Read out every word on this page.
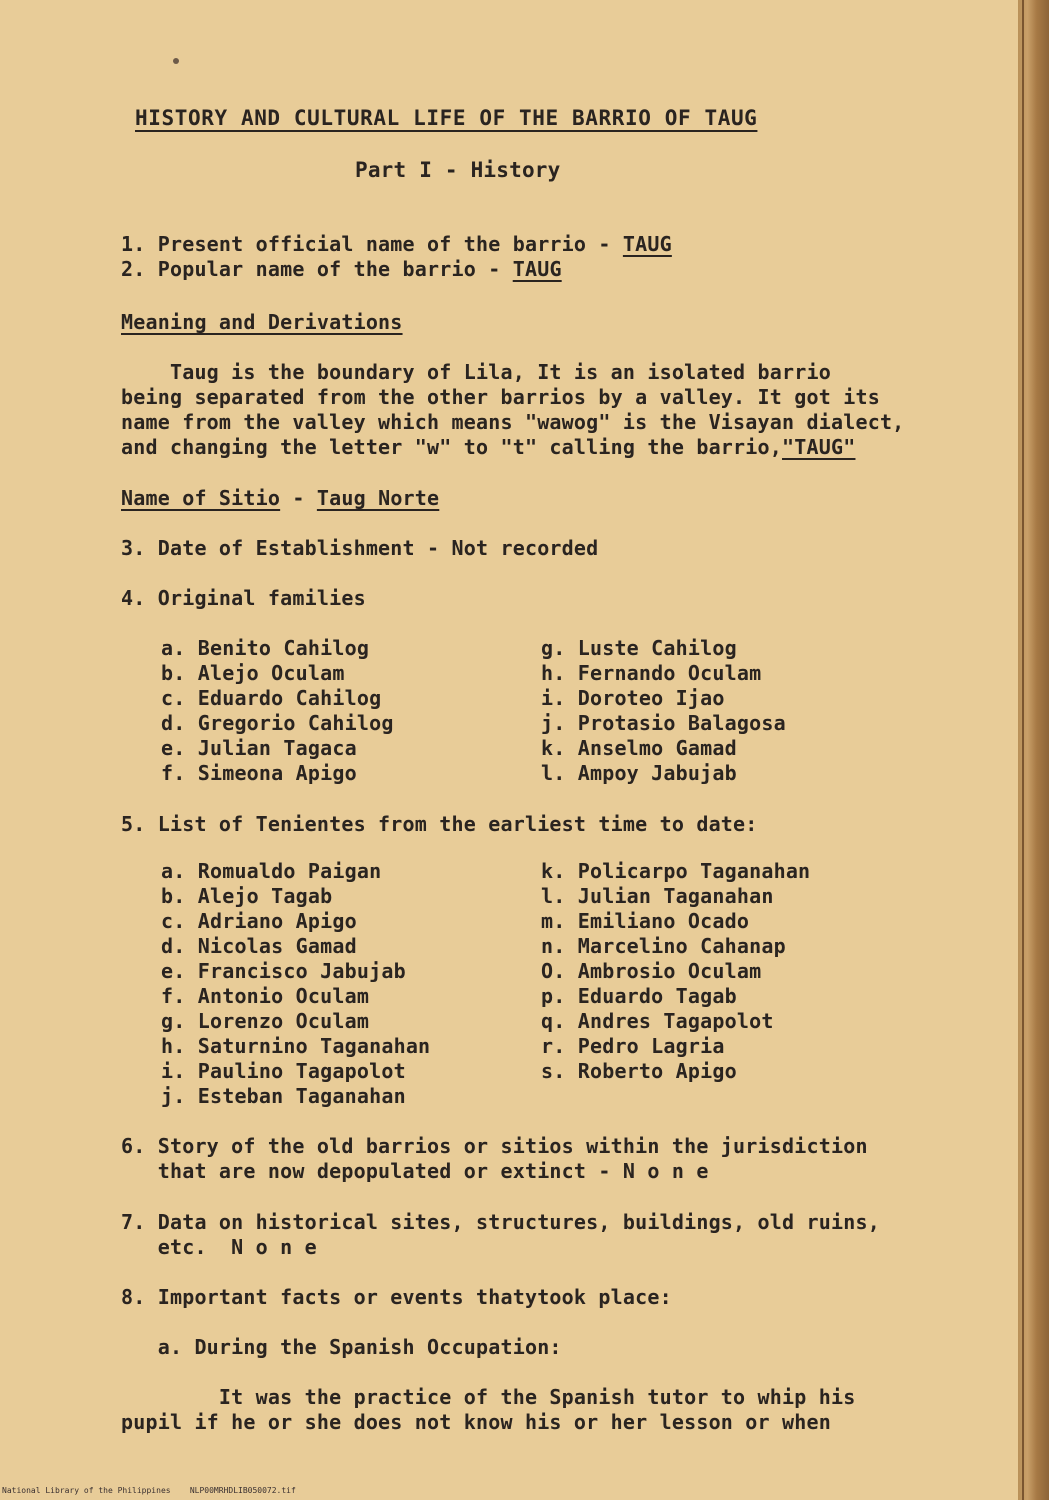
HISTORY AND CULTURAL LIFE OF THE BARRIO OF TAUG
Part I - History
1. Present official name of the barrio - TAUG
2. Popular name of the barrio - TAUG
Meaning and Derivations
Taug is the boundary of Lila, It is an isolated barrio
being separated from the other barrios by a valley. It got its
name from the valley which means "wawog" is the Visayan dialect,
and changing the letter "w" to "t" calling the barrio,"TAUG"
Name of Sitio - Taug Norte
3. Date of Establishment - Not recorded
4. Original families
a. Benito Cahilog
b. Alejo Oculam
c. Eduardo Cahilog
d. Gregorio Cahilog
e. Julian Tagaca
f. Simeona Apigo
g. Luste Cahilog
h. Fernando Oculam
i. Doroteo Ijao
j. Protasio Balagosa
k. Anselmo Gamad
l. Ampoy Jabujab
5. List of Tenientes from the earliest time to date:
a. Romualdo Paigan
b. Alejo Tagab
c. Adriano Apigo
d. Nicolas Gamad
e. Francisco Jabujab
f. Antonio Oculam
g. Lorenzo Oculam
h. Saturnino Taganahan
i. Paulino Tagapolot
j. Esteban Taganahan
k. Policarpo Taganahan
l. Julian Taganahan
m. Emiliano Ocado
n. Marcelino Cahanap
O. Ambrosio Oculam
p. Eduardo Tagab
q. Andres Tagapolot
r. Pedro Lagria
s. Roberto Apigo
6. Story of the old barrios or sitios within the jurisdiction
that are now depopulated or extinct - N o n e
7. Data on historical sites, structures, buildings, old ruins,
etc.  N o n e
8. Important facts or events thatytook place:
a. During the Spanish Occupation:
It was the practice of the Spanish tutor to whip his
pupil if he or she does not know his or her lesson or when
National Library of the Philippines    NLP00MRHDLIB050072.tif
